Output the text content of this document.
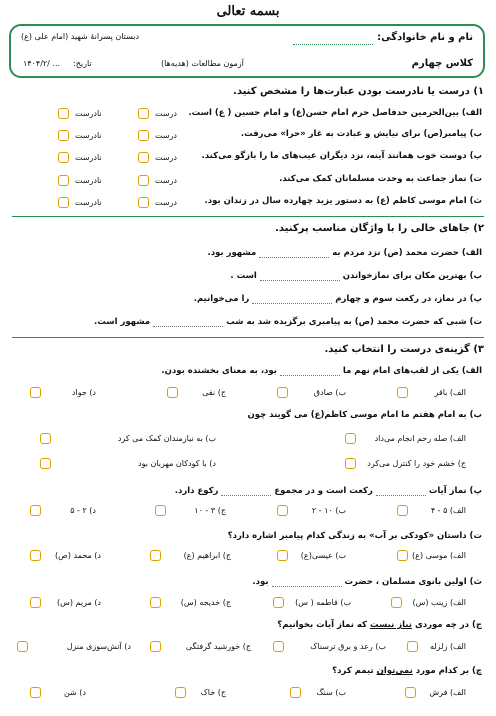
بسمه تعالی
نام و نام خانوادگی:
دبستان پسرانهٔ شهید (امام علی (ع)
کلاس چهارم
آزمون مطالعات (هدیه‌ها)
تاریخ:
۱۴۰۴/۲/ ...
۱) درست یا نادرست بودن عبارت‌ها را مشخص کنید.
الف) بین‌الحرمین حدفاصل حرم امام حسن(ع) و امام حسین ( ع) است.
ب) پیامبر(ص) برای نیایش و عبادت به غار «حرا» می‌رفت.
پ) دوست خوب همانند آینه، نزد دیگران عیب‌های ما را بازگو می‌کند.
ت) نماز جماعت به وحدت مسلمانان کمک می‌کند.
ث) امام موسی کاظم (ع) به دستور یزید چهارده سال در زندان بود.
درست
نادرست
درست
نادرست
درست
نادرست
درست
نادرست
درست
نادرست
۲) جاهای خالی را با واژگان مناسب پرکنید.
الف) حضرت محمد (ص) نزد مردم به  مشهور بود.
ب) بهترین مکان برای نمازخواندن  است .
پ) در نماز، در رکعت سوم و چهارم  را می‌خوانیم.
ت) شبی که حضرت محمد (ص) به پیامبری برگزیده شد به شب  مشهور است.
۳) گزینه‌ی درست را انتخاب کنید.
الف) یکی از لقب‌های امام نهم ما  بود، به معنای بخشنده بودن.
الف) باقر
ب) صادق
ج) نقی
د) جواد
ب) به امام هفتم ما امام موسی کاظم(ع) می گویند چون
الف) صله رحم انجام می‌داد
ب) به نیازمندان کمک می کرد
ج) خشم خود را کنترل می‌کرد
د) با کودکان مهربان بود
پ) نماز آیات  رکعت است و در مجموع  رکوع دارد.
الف) ۵ - ۴
ب) ۱۰ - ۲
ج) ۳ - ۱۰
د) ۲ - ۵
ت) داستان «کودکی بر آب» به زندگی کدام پیامبر اشاره دارد؟
الف) موسی (ع)
ب) عیسی(ع)
ج) ابراهیم (ع)
د) محمد (ص)
ث) اولین بانوی مسلمان ، حضرت  بود.
الف) زینب (س)
ب) فاطمه ( س)
ج) خدیجه (س)
د) مریم (س)
ج) در چه موردی نیاز نیست که نماز آیات بخوانیم؟
الف) زلزله
ب) رعد و برق ترسناک
ج) خورشید گرفتگی
د) آتش‌سوزی منزل
چ) بر کدام مورد نمی‌توان تیمم کرد؟
الف) فرش
ب) سنگ
ج) خاک
د) شن
